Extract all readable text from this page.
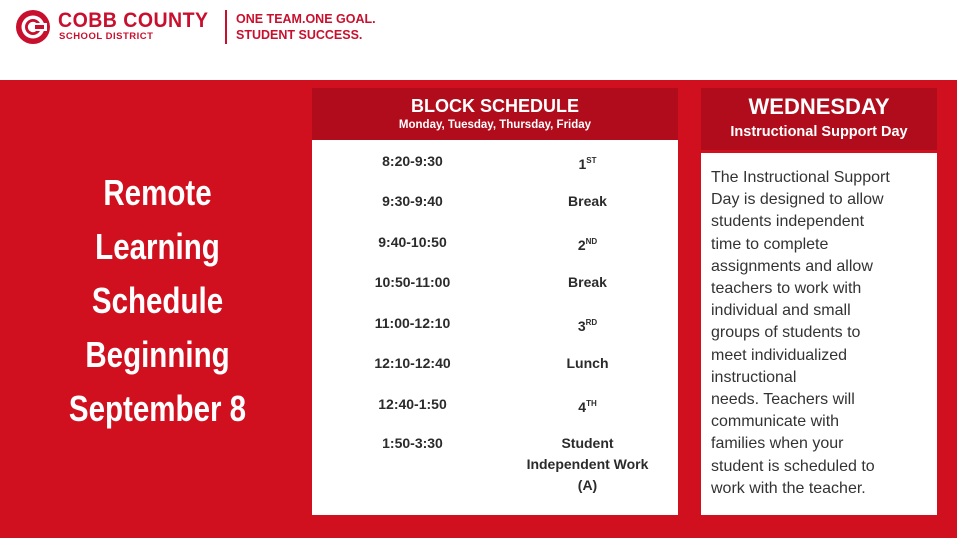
COBB COUNTY
SCHOOL DISTRICT
ONE TEAM.ONE GOAL.
STUDENT SUCCESS.
Remote
Learning
Schedule
Beginning
September 8
BLOCK SCHEDULE
Monday, Tuesday, Thursday, Friday
8:20-9:30	1ST
9:30-9:40	Break
9:40-10:50	2ND
10:50-11:00	Break
11:00-12:10	3RD
12:10-12:40	Lunch
12:40-1:50	4TH
1:50-3:30	Student
Independent Work
(A)
WEDNESDAY
Instructional Support Day
The Instructional Support
Day is designed to allow
students independent
time to complete
assignments and allow
teachers to work with
individual and small
groups of students to
meet individualized
instructional
needs. Teachers will
communicate with
families when your
student is scheduled to
work with the teacher.
